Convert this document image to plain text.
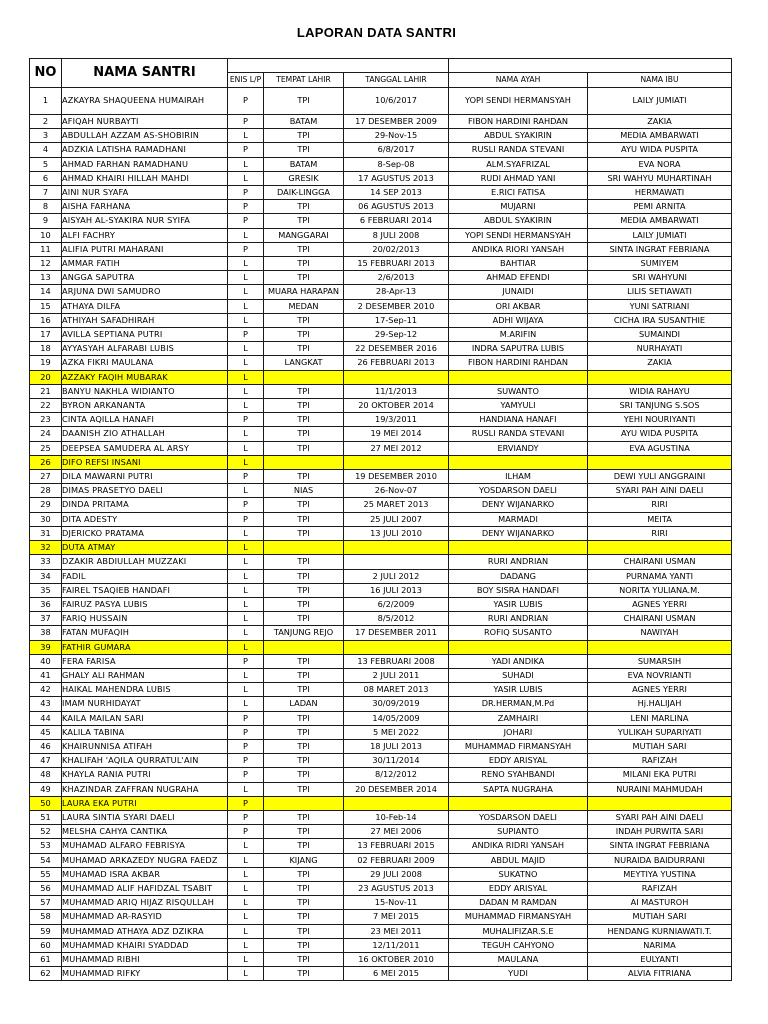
LAPORAN DATA SANTRI
NO	NAMA SANTRI					
		ENIS L/P	TEMPAT LAHIR	TANGGAL LAHIR	NAMA AYAH	NAMA IBU
1	AZKAYRA SHAQUEENA HUMAIRAH	P	TPI	10/6/2017	YOPI SENDI HERMANSYAH	LAILY JUMIATI
2	AFIQAH NURBAYTI	P	BATAM	17 DESEMBER 2009	FIBON HARDINI RAHDAN	ZAKIA
3	ABDULLAH AZZAM AS-SHOBIRIN	L	TPI	29-Nov-15	ABDUL SYAKIRIN	MEDIA AMBARWATI
4	ADZKIA LATISHA RAMADHANI	P	TPI	6/8/2017	RUSLI RANDA STEVANI	AYU WIDA PUSPITA
5	AHMAD FARHAN RAMADHANU	L	BATAM	8-Sep-08	ALM.SYAFRIZAL	EVA NORA
6	AHMAD KHAIRI HILLAH MAHDI	L	GRESIK	17 AGUSTUS 2013	RUDI AHMAD YANI	SRI WAHYU MUHARTINAH
7	AINI NUR SYAFA	P	DAIK-LINGGA	14 SEP 2013	E.RICI FATISA	HERMAWATI
8	AISHA FARHANA	P	TPI	06 AGUSTUS 2013	MUJARNI	PEMI ARNITA
9	AISYAH AL-SYAKIRA NUR SYIFA	P	TPI	6 FEBRUARI 2014	ABDUL SYAKIRIN	MEDIA AMBARWATI
10	ALFI FACHRY	L	MANGGARAI	8 JULI 2008	YOPI SENDI HERMANSYAH	LAILY JUMIATI
11	ALIFIA PUTRI MAHARANI	P	TPI	20/02/2013	ANDIKA RIORI YANSAH	SINTA INGRAT FEBRIANA
12	AMMAR FATIH	L	TPI	15 FEBRUARI 2013	BAHTIAR	SUMIYEM
13	ANGGA SAPUTRA	L	TPI	2/6/2013	AHMAD EFENDI	SRI WAHYUNI
14	ARJUNA DWI SAMUDRO	L	MUARA HARAPAN	28-Apr-13	JUNAIDI	LILIS SETIAWATI
15	ATHAYA DILFA	L	MEDAN	2 DESEMBER 2010	ORI AKBAR	YUNI SATRIANI
16	ATHIYAH SAFADHIRAH	L	TPI	17-Sep-11	ADHI WIJAYA	CICHA IRA SUSANTHIE
17	AVILLA SEPTIANA PUTRI	P	TPI	29-Sep-12	M.ARIFIN	SUMAINDI
18	AYYASYAH ALFARABI LUBIS	L	TPI	22 DESEMBER 2016	INDRA SAPUTRA LUBIS	NURHAYATI
19	AZKA FIKRI MAULANA	L	LANGKAT	26 FEBRUARI 2013	FIBON HARDINI RAHDAN	ZAKIA
20	AZZAKY FAQIH MUBARAK	L				
21	BANYU NAKHLA WIDIANTO	L	TPI	11/1/2013	SUWANTO	WIDIA RAHAYU
22	BYRON ARKANANTA	L	TPI	20 OKTOBER 2014	YAMYULI	SRI TANJUNG S.SOS
23	CINTA AQILLA HANAFI	P	TPI	19/3/2011	HANDIANA HANAFI	YEHI NOURIYANTI
24	DAANISH ZIO ATHALLAH	L	TPI	19 MEI 2014	RUSLI RANDA STEVANI	AYU WIDA PUSPITA
25	DEEPSEA SAMUDERA AL ARSY	L	TPI	27 MEI 2012	ERVIANDY	EVA AGUSTINA
26	DIFO REFSI INSANI	L				
27	DILA MAWARNI PUTRI	P	TPI	19 DESEMBER 2010	ILHAM	DEWI YULI ANGGRAINI
28	DIMAS PRASETYO DAELI	L	NIAS	26-Nov-07	YOSDARSON DAELI	SYARI PAH AINI DAELI
29	DINDA PRITAMA	P	TPI	25 MARET 2013	DENY WIJANARKO	RIRI
30	DITA ADESTY	P	TPI	25 JULI 2007	MARMADI	MEITA
31	DJERICKO PRATAMA	L	TPI	13 JULI 2010	DENY WIJANARKO	RIRI
32	DUTA ATMAY	L				
33	DZAKIR ABDIULLAH MUZZAKI	L	TPI		RURI ANDRIAN	CHAIRANI USMAN
34	FADIL	L	TPI	2 JULI 2012	DADANG	PURNAMA YANTI
35	FAIREL TSAQIEB HANDAFI	L	TPI	16 JULI 2013	BOY SISRA HANDAFI	NORITA YULIANA.M.
36	FAIRUZ PASYA LUBIS	L	TPI	6/2/2009	YASIR LUBIS	AGNES YERRI
37	FARIQ HUSSAIN	L	TPI	8/5/2012	RURI ANDRIAN	CHAIRANI USMAN
38	FATAN MUFAQIH	L	TANJUNG REJO	17 DESEMBER 2011	ROFIQ SUSANTO	NAWIYAH
39	FATHIR GUMARA	L				
40	FERA FARISA	P	TPI	13 FEBRUARI 2008	YADI ANDIKA	SUMARSIH
41	GHALY ALI RAHMAN	L	TPI	2 JULI 2011	SUHADI	EVA NOVRIANTI
42	HAIKAL MAHENDRA LUBIS	L	TPI	08 MARET 2013	YASIR LUBIS	AGNES YERRI
43	IMAM NURHIDAYAT	L	LADAN	30/09/2019	DR.HERMAN,M.Pd	Hj.HALIJAH
44	KAILA MAILAN SARI	P	TPI	14/05/2009	ZAMHAIRI	LENI MARLINA
45	KALILA TABINA	P	TPI	5 MEI 2022	JOHARI	YULIKAH SUPARIYATI
46	KHAIRUNNISA ATIFAH	P	TPI	18 JULI 2013	MUHAMMAD FIRMANSYAH	MUTIAH SARI
47	KHALIFAH 'AQILA QURRATUL'AIN	P	TPI	30/11/2014	EDDY ARISYAL	RAFIZAH
48	KHAYLA RANIA PUTRI	P	TPI	8/12/2012	RENO SYAHBANDI	MILANI EKA PUTRI
49	KHAZINDAR ZAFFRAN NUGRAHA	L	TPI	20 DESEMBER 2014	SAPTA NUGRAHA	NURAINI MAHMUDAH
50	LAURA EKA PUTRI	P				
51	LAURA SINTIA SYARI DAELI	P	TPI	10-Feb-14	YOSDARSON DAELI	SYARI PAH AINI DAELI
52	MELSHA CAHYA CANTIKA	P	TPI	27 MEI 2006	SUPIANTO	INDAH PURWITA SARI
53	MUHAMAD ALFARO FEBRISYA	L	TPI	13 FEBRUARI 2015	ANDIKA RIDRI YANSAH	SINTA INGRAT FEBRIANA
54	MUHAMAD ARKAZEDY NUGRA FAEDZ	L	KIJANG	02 FEBRUARI 2009	ABDUL MAJID	NURAIDA BAIDURRANI
55	MUHAMAD ISRA AKBAR	L	TPI	29 JULI 2008	SUKATNO	MEYTIYA YUSTINA
56	MUHAMMAD ALIF HAFIDZAL TSABIT	L	TPI	23 AGUSTUS 2013	EDDY ARISYAL	RAFIZAH
57	MUHAMMAD ARIQ HIJAZ RISQULLAH	L	TPI	15-Nov-11	DADAN M RAMDAN	AI MASTUROH
58	MUHAMMAD AR-RASYID	L	TPI	7 MEI 2015	MUHAMMAD FIRMANSYAH	MUTIAH SARI
59	MUHAMMAD ATHAYA ADZ DZIKRA	L	TPI	23 MEI 2011	MUHALIFIZAR.S.E	HENDANG KURNIAWATI.T.
60	MUHAMMAD KHAIRI SYADDAD	L	TPI	12/11/2011	TEGUH CAHYONO	NARIMA
61	MUHAMMAD RIBHI	L	TPI	16 OKTOBER 2010	MAULANA	EULYANTI
62	MUHAMMAD RIFKY	L	TPI	6 MEI 2015	YUDI	ALVIA FITRIANA
